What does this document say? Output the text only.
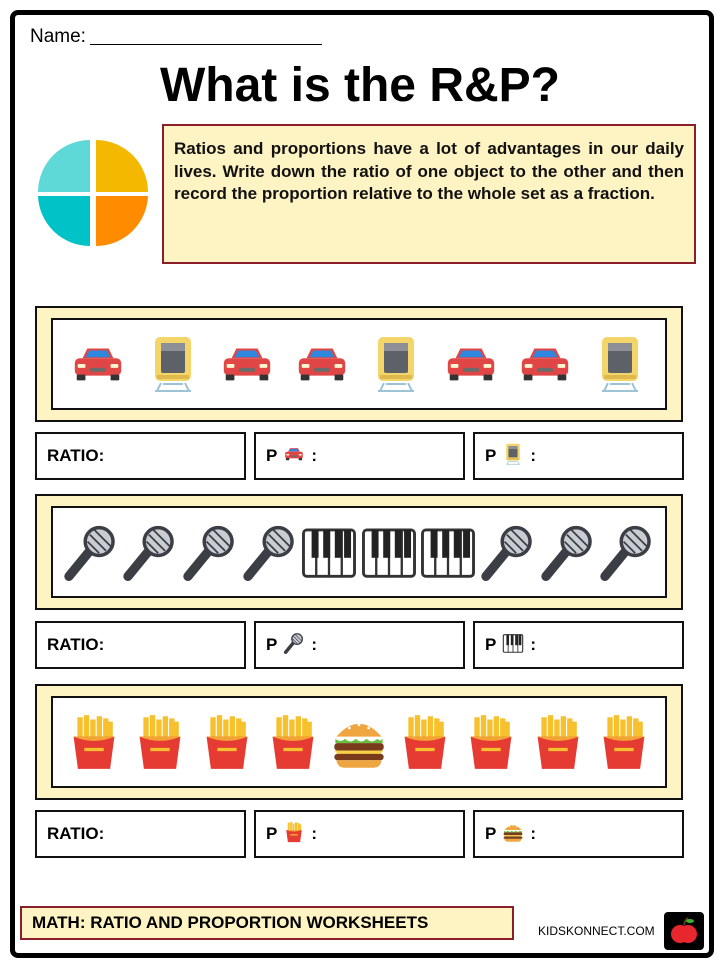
Name:
What is the R&P?
Ratios and proportions have a lot of advantages in our daily lives. Write down the ratio of one object to the other and then record the proportion relative to the whole set as a fraction.
RATIO:	P :	P :
RATIO:	P :	P :
RATIO:	P :	P :
MATH: RATIO AND PROPORTION WORKSHEETS	KIDSKONNECT.COM
